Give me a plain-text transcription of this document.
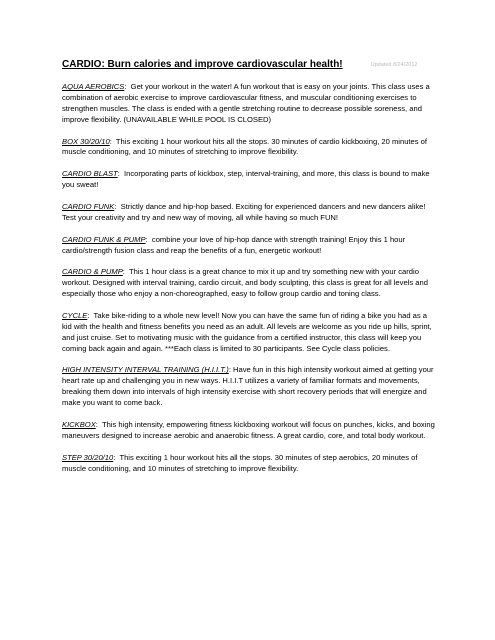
CARDIO: Burn calories and improve cardiovascular health!	Updated 8/24/2012

AQUA AEROBICS:  Get your workout in the water! A fun workout that is easy on your joints. This class uses a combination of aerobic exercise to improve cardiovascular fitness, and muscular conditioning exercises to strengthen muscles. The class is ended with a gentle stretching routine to decrease possible soreness, and improve flexibility. (UNAVAILABLE WHILE POOL IS CLOSED)

BOX 30/20/10:  This exciting 1 hour workout hits all the stops. 30 minutes of cardio kickboxing, 20 minutes of muscle conditioning, and 10 minutes of stretching to improve flexibility.

CARDIO BLAST:  Incorporating parts of kickbox, step, interval-training, and more, this class is bound to make you sweat!

CARDIO FUNK:  Strictly dance and hip-hop based. Exciting for experienced dancers and new dancers alike! Test your creativity and try and new way of moving, all while having so much FUN!

CARDIO FUNK & PUMP:  combine your love of hip-hop dance with strength training! Enjoy this 1 hour cardio/strength fusion class and reap the benefits of a fun, energetic workout!

CARDIO & PUMP:  This 1 hour class is a great chance to mix it up and try something new with your cardio workout. Designed with interval training, cardio circuit, and body sculpting, this class is great for all levels and especially those who enjoy a non-choreographed, easy to follow group cardio and toning class.

CYCLE:  Take bike-riding to a whole new level! Now you can have the same fun of riding a bike you had as a kid with the health and fitness benefits you need as an adult. All levels are welcome as you ride up hills, sprint, and just cruise. Set to motivating music with the guidance from a certified instructor, this class will keep you coming back again and again. ***Each class is limited to 30 participants. See Cycle class policies.

HIGH INTENSITY INTERVAL TRAINING (H.I.I.T.): Have fun in this high intensity workout aimed at getting your heart rate up and challenging you in new ways. H.I.I.T utilizes a variety of familiar formats and movements, breaking them down into intervals of high intensity exercise with short recovery periods that will energize and make you want to come back.

KICKBOX:  This high intensity, empowering fitness kickboxing workout will focus on punches, kicks, and boxing maneuvers designed to increase aerobic and anaerobic fitness. A great cardio, core, and total body workout.

STEP 30/20/10:  This exciting 1 hour workout hits all the stops. 30 minutes of step aerobics, 20 minutes of muscle conditioning, and 10 minutes of stretching to improve flexibility.
